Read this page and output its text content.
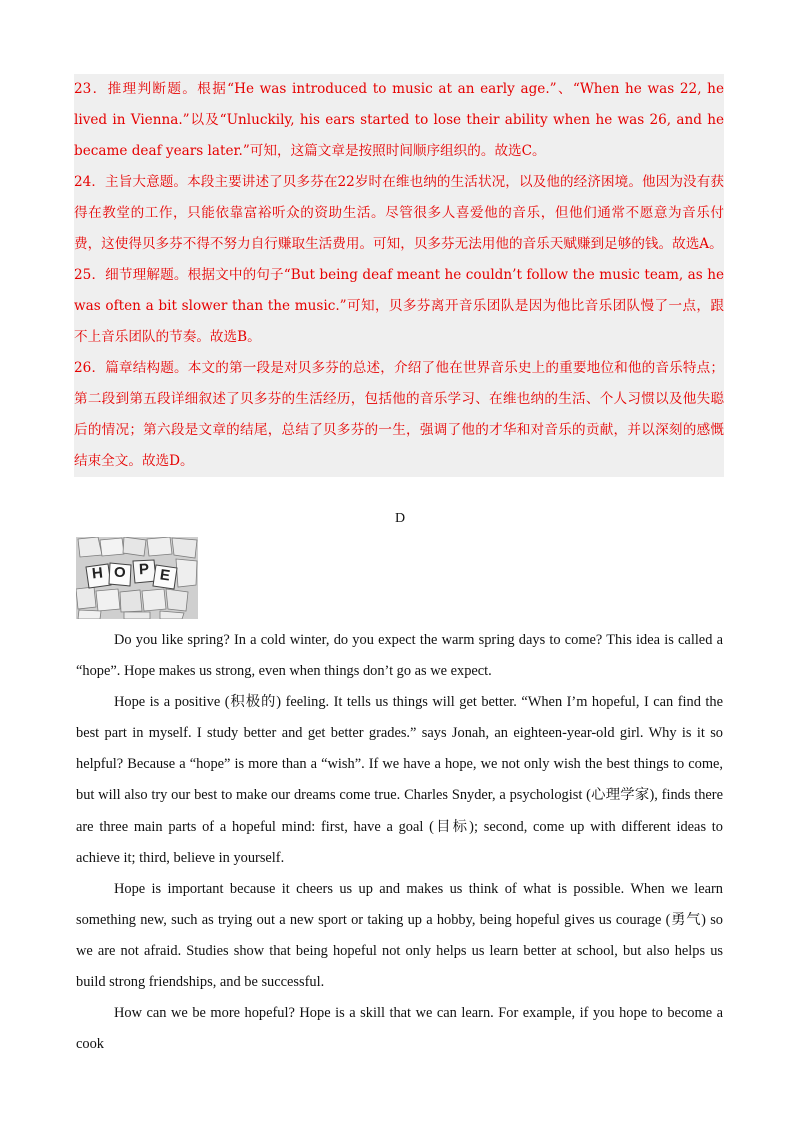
23．推理判断题。根据“He was introduced to music at an early age.”、“When he was 22, he lived in Vienna.”以及“Unluckily, his ears started to lose their ability when he was 26, and he became deaf years later.”可知，这篇文章是按照时间顺序组织的。故选C。

24．主旨大意题。本段主要讲述了贝多芬在22岁时在维也纳的生活状况，以及他的经济困境。他因为没有获得在教堂的工作，只能依靠富裕听众的资助生活。尽管很多人喜爱他的音乐，但他们通常不愿意为音乐付费，这使得贝多芬不得不努力自行赚取生活费用。可知，贝多芬无法用他的音乐天赋赚到足够的钱。故选A。

25．细节理解题。根据文中的句子“But being deaf meant he couldn’t follow the music team, as he was often a bit slower than the music.”可知，贝多芬离开音乐团队是因为他比音乐团队慢了一点，跟不上音乐团队的节奏。故选B。

26．篇章结构题。本文的第一段是对贝多芬的总述，介绍了他在世界音乐史上的重要地位和他的音乐特点；第二段到第五段详细叙述了贝多芬的生活经历，包括他的音乐学习、在维也纳的生活、个人习惯以及他失聪后的情况；第六段是文章的结尾，总结了贝多芬的一生，强调了他的才华和对音乐的贡献，并以深刻的感慨结束全文。故选D。

D
H O P E

Do you like spring? In a cold winter, do you expect the warm spring days to come? This idea is called a “hope”. Hope makes us strong, even when things don’t go as we expect.

Hope is a positive (积极的) feeling. It tells us things will get better. “When I’m hopeful, I can find the best part in myself. I study better and get better grades.” says Jonah, an eighteen-year-old girl. Why is it so helpful? Because a “hope” is more than a “wish”. If we have a hope, we not only wish the best things to come, but will also try our best to make our dreams come true. Charles Snyder, a psychologist (心理学家), finds there are three main parts of a hopeful mind: first, have a goal (目标); second, come up with different ideas to achieve it; third, believe in yourself.

Hope is important because it cheers us up and makes us think of what is possible. When we learn something new, such as trying out a new sport or taking up a hobby, being hopeful gives us courage (勇气) so we are not afraid. Studies show that being hopeful not only helps us learn better at school, but also helps us build strong friendships, and be successful.

How can we be more hopeful? Hope is a skill that we can learn. For example, if you hope to become a cook
